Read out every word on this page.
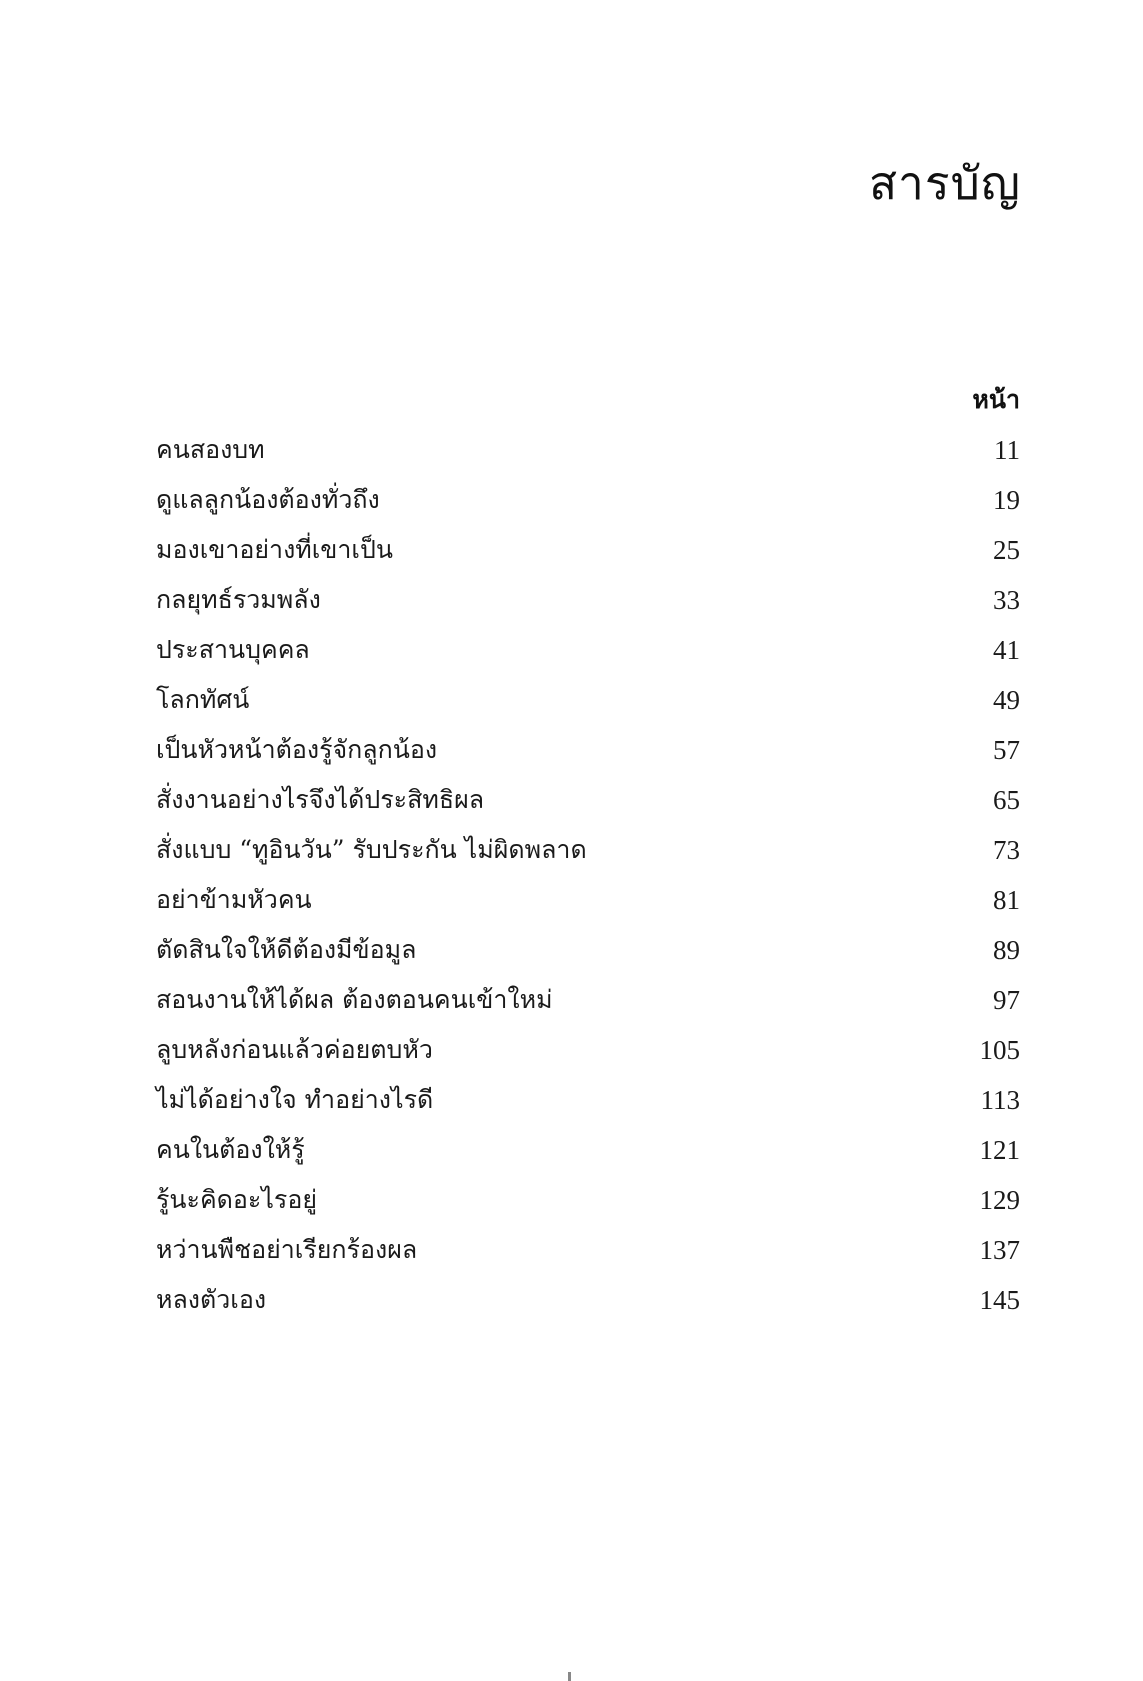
สารบัญ
หน้า
คนสองบท	11
ดูแลลูกน้องต้องทั่วถึง	19
มองเขาอย่างที่เขาเป็น	25
กลยุทธ์รวมพลัง	33
ประสานบุคคล	41
โลกทัศน์	49
เป็นหัวหน้าต้องรู้จักลูกน้อง	57
สั่งงานอย่างไรจึงได้ประสิทธิผล	65
สั่งแบบ “ทูอินวัน” รับประกัน ไม่ผิดพลาด	73
อย่าข้ามหัวคน	81
ตัดสินใจให้ดีต้องมีข้อมูล	89
สอนงานให้ได้ผล ต้องตอนคนเข้าใหม่	97
ลูบหลังก่อนแล้วค่อยตบหัว	105
ไม่ได้อย่างใจ ทำอย่างไรดี	113
คนในต้องให้รู้	121
รู้นะคิดอะไรอยู่	129
หว่านพืชอย่าเรียกร้องผล	137
หลงตัวเอง	145
